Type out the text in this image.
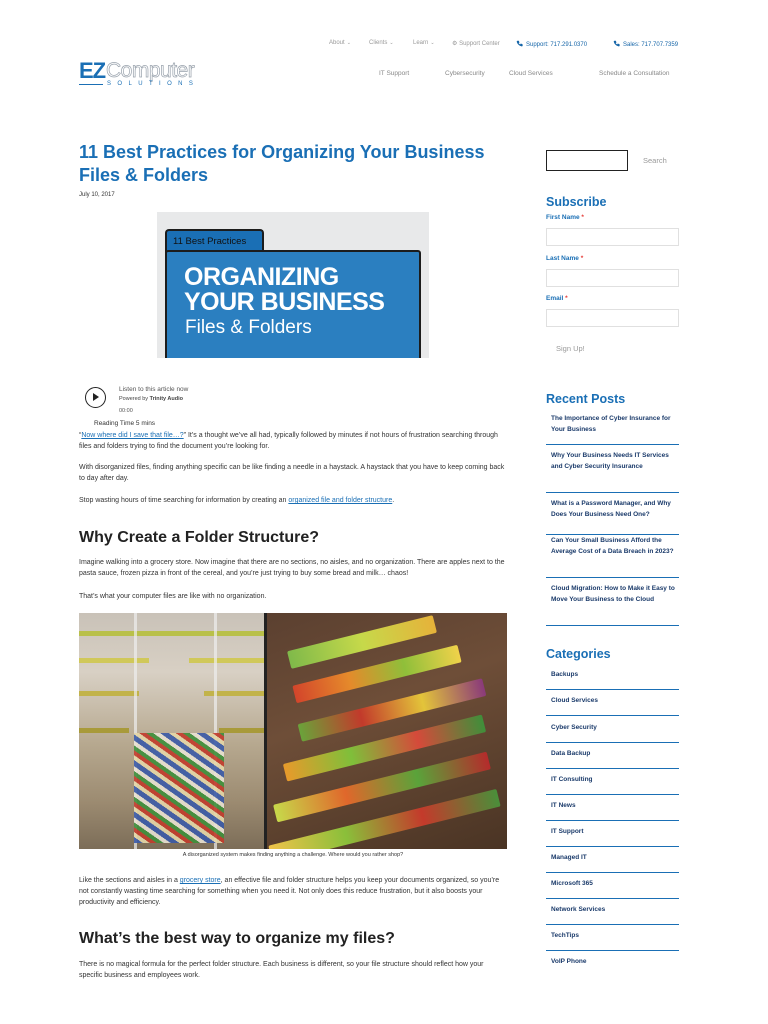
About ⌄	Clients ⌄	Learn ⌄	⚙ Support Center	Support: 717.291.0370	Sales: 717.707.7359
EZ Computer
SOLUTIONS
IT Support	Cybersecurity	Cloud Services	Schedule a Consultation
11 Best Practices for Organizing Your Business Files & Folders
July 10, 2017
11 Best Practices
ORGANIZING
YOUR BUSINESS
Files & Folders
Listen to this article now
Powered by Trinity Audio
00:00
Reading Time 5 mins

“Now where did I save that file…?” It’s a thought we’ve all had, typically followed by minutes if not hours of frustration searching through files and folders trying to find the document you’re looking for.

With disorganized files, finding anything specific can be like finding a needle in a haystack. A haystack that you have to keep coming back to day after day.

Stop wasting hours of time searching for information by creating an organized file and folder structure.

Why Create a Folder Structure?

Imagine walking into a grocery store. Now imagine that there are no sections, no aisles, and no organization. There are apples next to the pasta sauce, frozen pizza in front of the cereal, and you’re just trying to buy some bread and milk… chaos!

That’s what your computer files are like with no organization.

A disorganized system makes finding anything a challenge. Where would you rather shop?

Like the sections and aisles in a grocery store, an effective file and folder structure helps you keep your documents organized, so you’re not constantly wasting time searching for something when you need it. Not only does this reduce frustration, but it also boosts your productivity and efficiency.

What’s the best way to organize my files?

There is no magical formula for the perfect folder structure. Each business is different, so your file structure should reflect how your specific business and employees work.

Search
Subscribe
First Name *
Last Name *
Email *
Sign Up!
Recent Posts
The Importance of Cyber Insurance for Your Business
Why Your Business Needs IT Services and Cyber Security Insurance
What is a Password Manager, and Why Does Your Business Need One?
Can Your Small Business Afford the Average Cost of a Data Breach in 2023?
Cloud Migration: How to Make it Easy to Move Your Business to the Cloud
Categories
Backups
Cloud Services
Cyber Security
Data Backup
IT Consulting
IT News
IT Support
Managed IT
Microsoft 365
Network Services
TechTips
VoIP Phone
